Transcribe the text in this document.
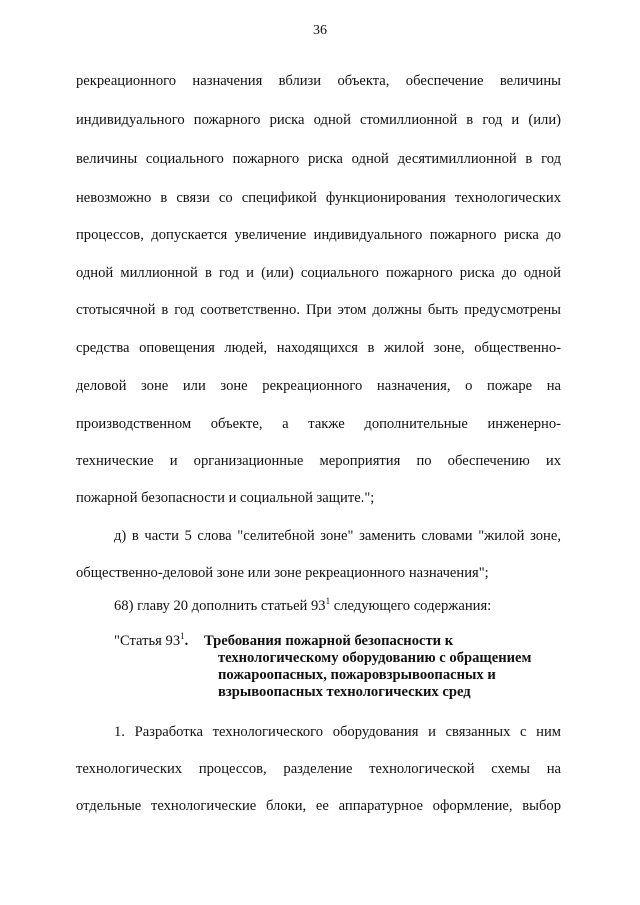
36
рекреационного назначения вблизи объекта, обеспечение величины
индивидуального пожарного риска одной стомиллионной в год и (или)
величины социального пожарного риска одной десятимиллионной в год
невозможно в связи со спецификой функционирования технологических
процессов, допускается увеличение индивидуального пожарного риска до
одной миллионной в год и (или) социального пожарного риска до одной
стотысячной в год соответственно. При этом должны быть предусмотрены
средства оповещения людей, находящихся в жилой зоне, общественно-
деловой зоне или зоне рекреационного назначения, о пожаре на
производственном объекте, а также дополнительные инженерно-
технические и организационные мероприятия по обеспечению их
пожарной безопасности и социальной защите.";
д) в части 5 слова "селитебной зоне" заменить словами "жилой зоне,
общественно-деловой зоне или зоне рекреационного назначения";
68) главу 20 дополнить статьей $93^1$ следующего содержания:
"Статья $93^1$. Требования пожарной безопасности к
технологическому оборудованию с обращением
пожароопасных, пожаровзрывоопасных и
взрывоопасных технологических сред
1. Разработка технологического оборудования и связанных с ним
технологических процессов, разделение технологической схемы на
отдельные технологические блоки, ее аппаратурное оформление, выбор
